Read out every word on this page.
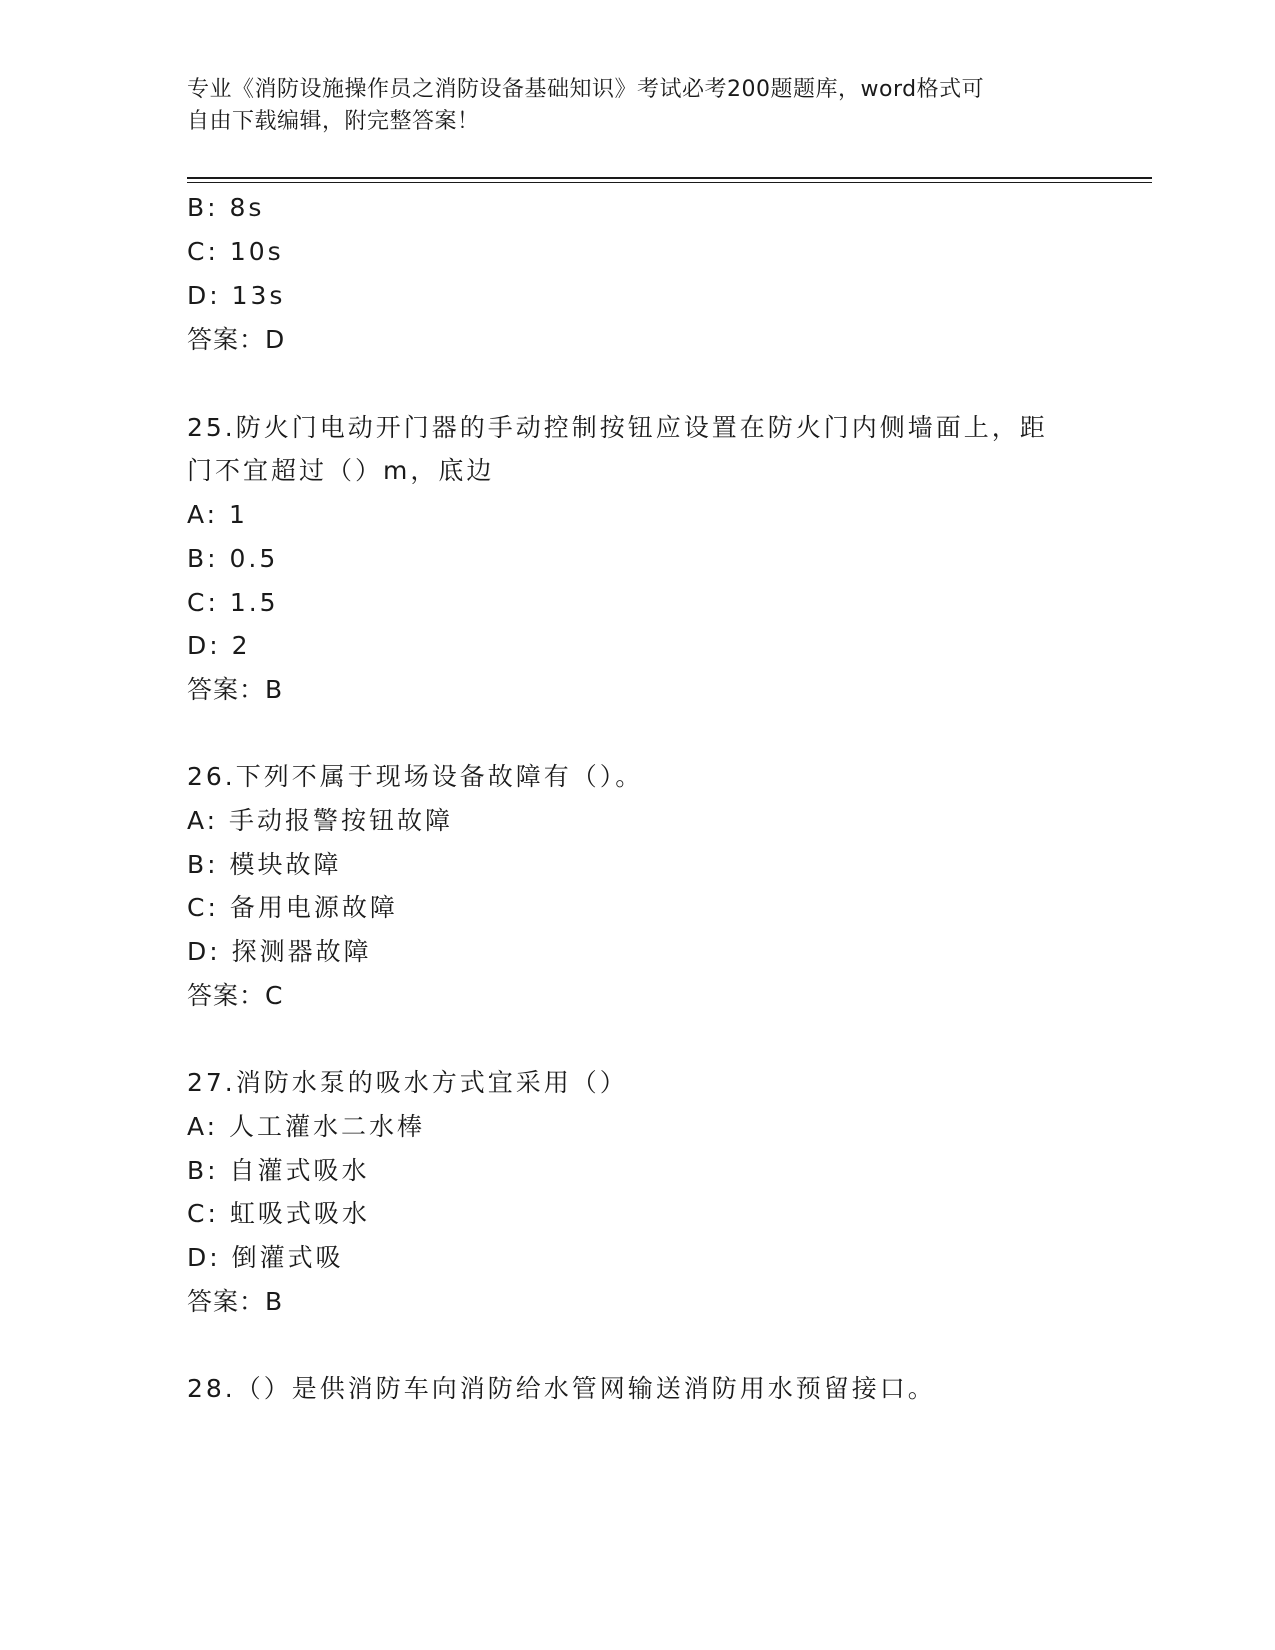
专业《消防设施操作员之消防设备基础知识》考试必考200题题库，word格式可
自由下载编辑，附完整答案！
B: 8s
C: 10s
D: 13s
答案：D
25.防火门电动开门器的手动控制按钮应设置在防火门内侧墙面上，距
门不宜超过（）m，底边
A: 1
B: 0.5
C: 1.5
D: 2
答案：B
26.下列不属于现场设备故障有（）。
A: 手动报警按钮故障
B: 模块故障
C: 备用电源故障
D: 探测器故障
答案：C
27.消防水泵的吸水方式宜采用（）
A: 人工灌水二水棒
B: 自灌式吸水
C: 虹吸式吸水
D: 倒灌式吸
答案：B
28.（）是供消防车向消防给水管网输送消防用水预留接口。
